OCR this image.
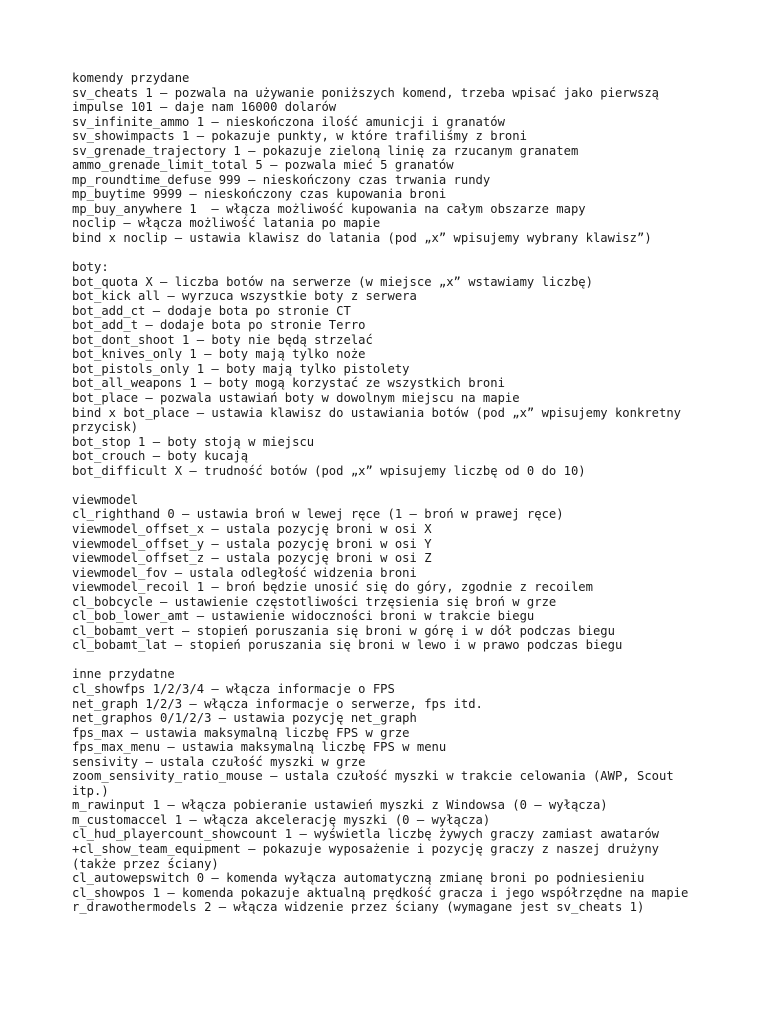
komendy przydane
sv_cheats 1 – pozwala na używanie poniższych komend, trzeba wpisać jako pierwszą
impulse 101 – daje nam 16000 dolarów
sv_infinite_ammo 1 – nieskończona ilość amunicji i granatów
sv_showimpacts 1 – pokazuje punkty, w które trafiliśmy z broni
sv_grenade_trajectory 1 – pokazuje zieloną linię za rzucanym granatem
ammo_grenade_limit_total 5 – pozwala mieć 5 granatów
mp_roundtime_defuse 999 – nieskończony czas trwania rundy
mp_buytime 9999 – nieskończony czas kupowania broni
mp_buy_anywhere 1  – włącza możliwość kupowania na całym obszarze mapy
noclip – włącza możliwość latania po mapie
bind x noclip – ustawia klawisz do latania (pod „x” wpisujemy wybrany klawisz”)
boty:
bot_quota X – liczba botów na serwerze (w miejsce „x” wstawiamy liczbę)
bot_kick all – wyrzuca wszystkie boty z serwera
bot_add_ct – dodaje bota po stronie CT
bot_add_t – dodaje bota po stronie Terro
bot_dont_shoot 1 – boty nie będą strzelać
bot_knives_only 1 – boty mają tylko noże
bot_pistols_only 1 – boty mają tylko pistolety
bot_all_weapons 1 – boty mogą korzystać ze wszystkich broni
bot_place – pozwala ustawiań boty w dowolnym miejscu na mapie
bind x bot_place – ustawia klawisz do ustawiania botów (pod „x” wpisujemy konkretny przycisk)
bot_stop 1 – boty stoją w miejscu
bot_crouch – boty kucają
bot_difficult X – trudność botów (pod „x” wpisujemy liczbę od 0 do 10)
viewmodel
cl_righthand 0 – ustawia broń w lewej ręce (1 – broń w prawej ręce)
viewmodel_offset_x – ustala pozycję broni w osi X
viewmodel_offset_y – ustala pozycję broni w osi Y
viewmodel_offset_z – ustala pozycję broni w osi Z
viewmodel_fov – ustala odległość widzenia broni
viewmodel_recoil 1 – broń będzie unosić się do góry, zgodnie z recoilem
cl_bobcycle – ustawienie częstotliwości trzęsienia się broń w grze
cl_bob_lower_amt – ustawienie widoczności broni w trakcie biegu
cl_bobamt_vert – stopień poruszania się broni w górę i w dół podczas biegu
cl_bobamt_lat – stopień poruszania się broni w lewo i w prawo podczas biegu
inne przydatne
cl_showfps 1/2/3/4 – włącza informacje o FPS
net_graph 1/2/3 – włącza informacje o serwerze, fps itd.
net_graphos 0/1/2/3 – ustawia pozycję net_graph
fps_max – ustawia maksymalną liczbę FPS w grze
fps_max_menu – ustawia maksymalną liczbę FPS w menu
sensivity – ustala czułość myszki w grze
zoom_sensivity_ratio_mouse – ustala czułość myszki w trakcie celowania (AWP, Scout itp.)
m_rawinput 1 – włącza pobieranie ustawień myszki z Windowsa (0 – wyłącza)
m_customaccel 1 – włącza akcelerację myszki (0 – wyłącza)
cl_hud_playercount_showcount 1 – wyświetla liczbę żywych graczy zamiast awatarów
+cl_show_team_equipment – pokazuje wyposażenie i pozycję graczy z naszej drużyny (także przez ściany)
cl_autowepswitch 0 – komenda wyłącza automatyczną zmianę broni po podniesieniu
cl_showpos 1 – komenda pokazuje aktualną prędkość gracza i jego współrzędne na mapie
r_drawothermodels 2 – włącza widzenie przez ściany (wymagane jest sv_cheats 1)
